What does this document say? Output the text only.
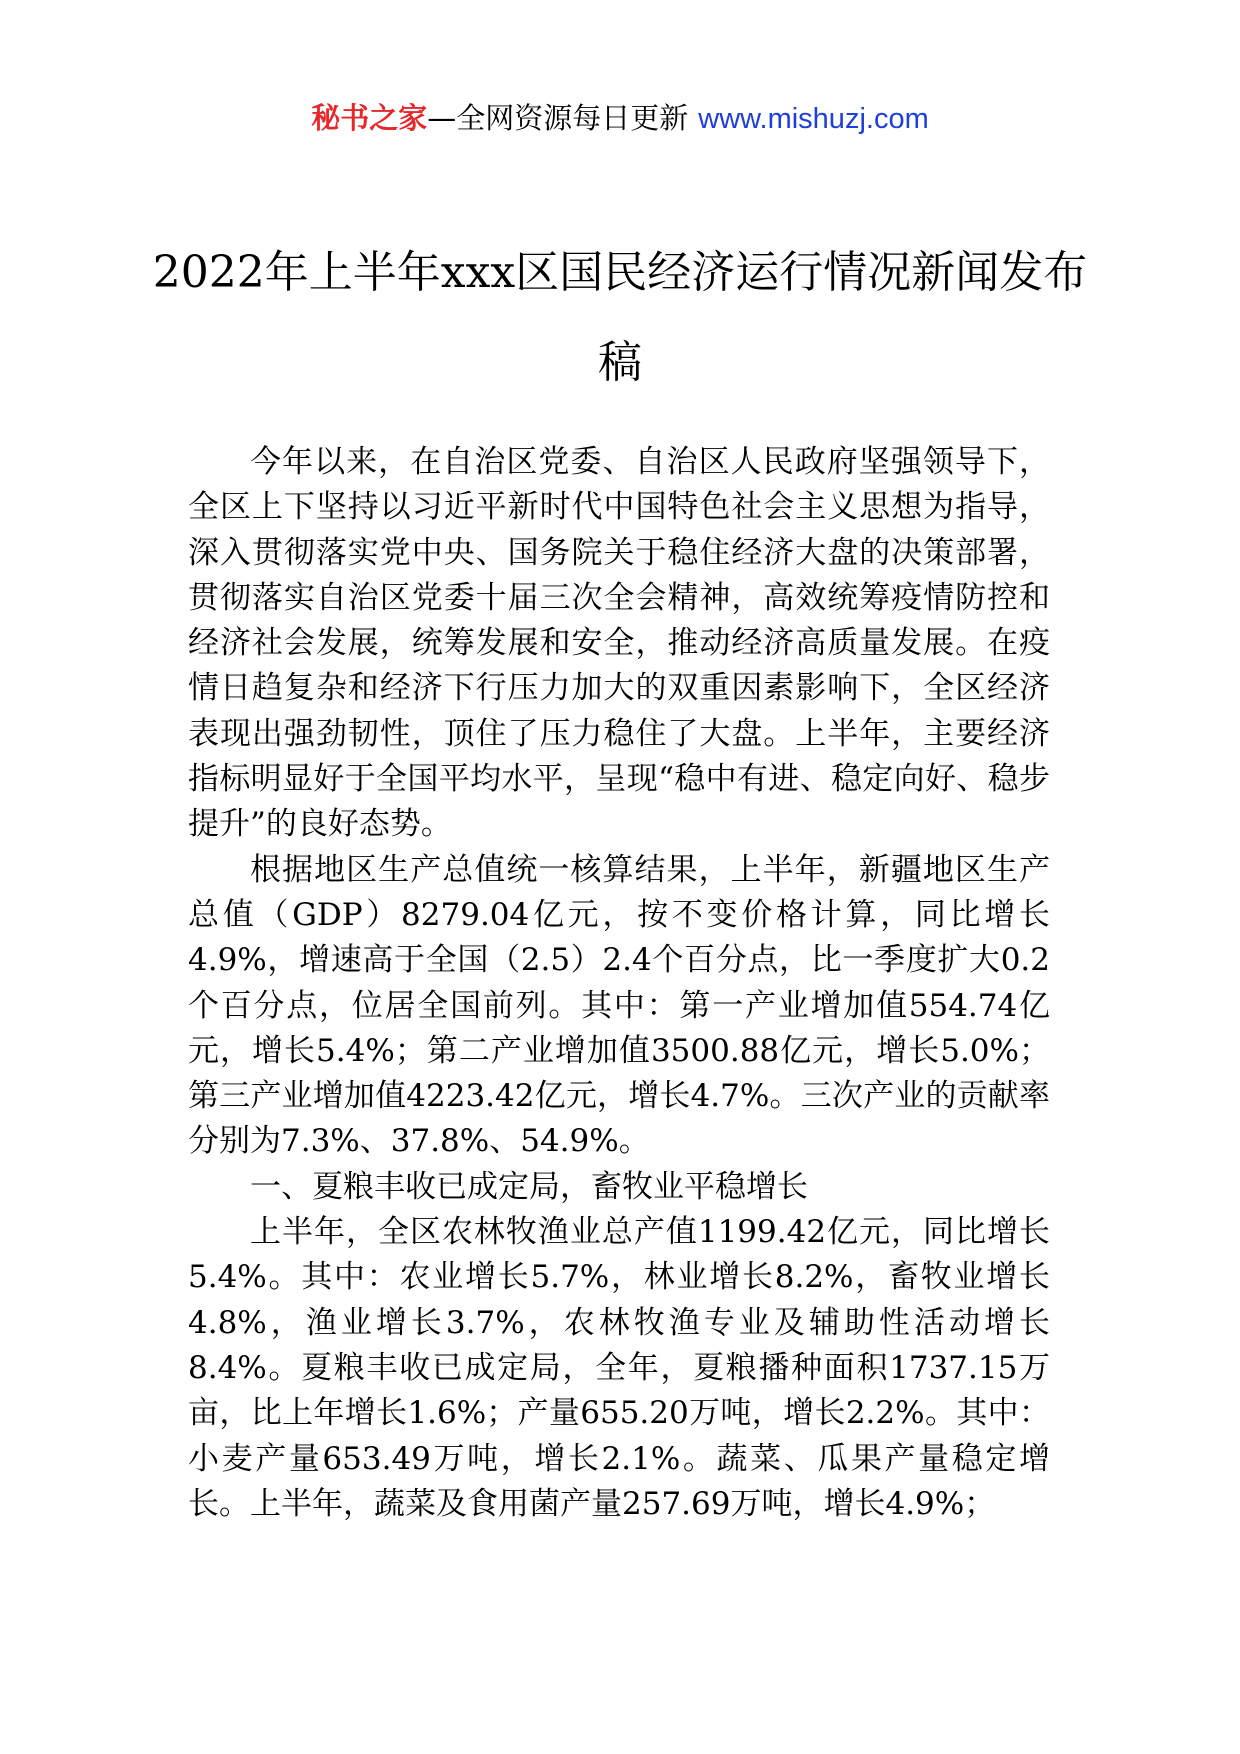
秘书之家—全网资源每日更新 www.mishuzj.com
2022年上半年xxx区国民经济运行情况新闻发布稿

今年以来，在自治区党委、自治区人民政府坚强领导下，全区上下坚持以习近平新时代中国特色社会主义思想为指导，深入贯彻落实党中央、国务院关于稳住经济大盘的决策部署，贯彻落实自治区党委十届三次全会精神，高效统筹疫情防控和经济社会发展，统筹发展和安全，推动经济高质量发展。在疫情日趋复杂和经济下行压力加大的双重因素影响下，全区经济表现出强劲韧性，顶住了压力稳住了大盘。上半年，主要经济指标明显好于全国平均水平，呈现“稳中有进、稳定向好、稳步提升”的良好态势。

根据地区生产总值统一核算结果，上半年，新疆地区生产总值（GDP）8279.04亿元，按不变价格计算，同比增长4.9%，增速高于全国（2.5）2.4个百分点，比一季度扩大0.2个百分点，位居全国前列。其中：第一产业增加值554.74亿元，增长5.4%；第二产业增加值3500.88亿元，增长5.0%；第三产业增加值4223.42亿元，增长4.7%。三次产业的贡献率分别为7.3%、37.8%、54.9%。

一、夏粮丰收已成定局，畜牧业平稳增长

上半年，全区农林牧渔业总产值1199.42亿元，同比增长5.4%。其中：农业增长5.7%，林业增长8.2%，畜牧业增长4.8%，渔业增长3.7%，农林牧渔专业及辅助性活动增长8.4%。夏粮丰收已成定局，全年，夏粮播种面积1737.15万亩，比上年增长1.6%；产量655.20万吨，增长2.2%。其中：小麦产量653.49万吨，增长2.1%。蔬菜、瓜果产量稳定增长。上半年，蔬菜及食用菌产量257.69万吨，增长4.9%；
